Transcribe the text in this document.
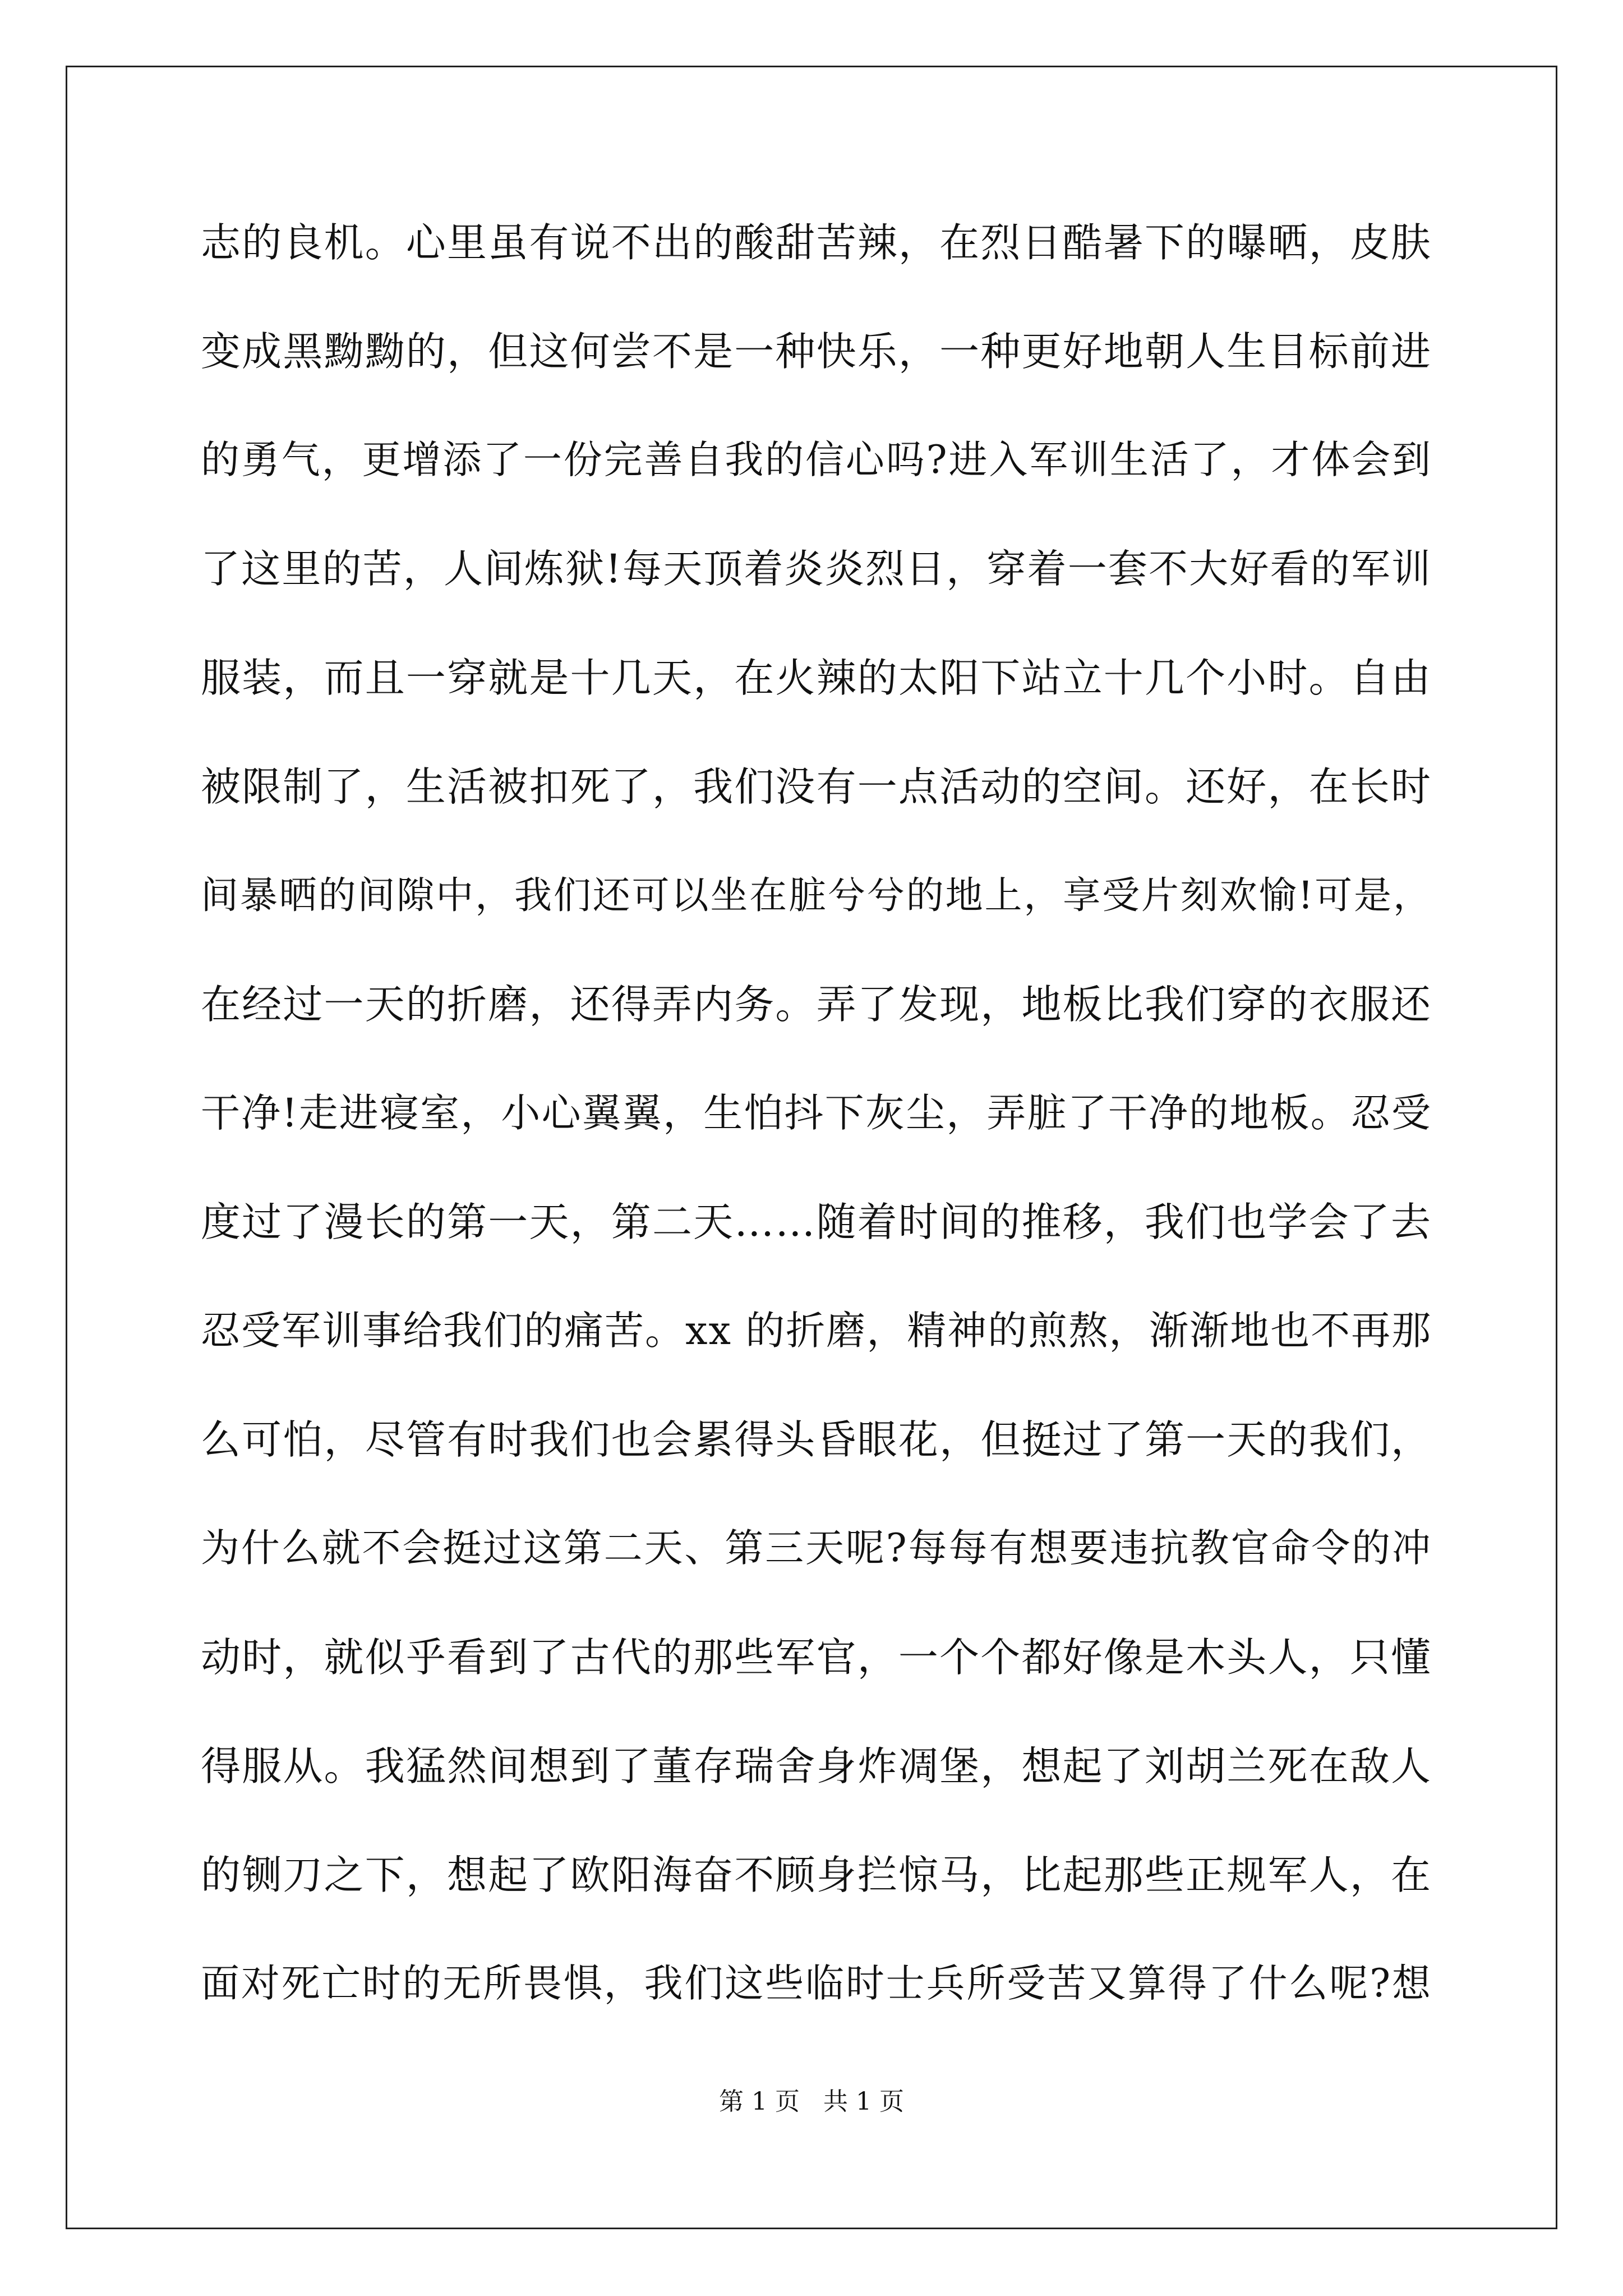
志的良机。心里虽有说不出的酸甜苦辣，在烈日酷暑下的曝晒，皮肤
变成黑黝黝的，但这何尝不是一种快乐，一种更好地朝人生目标前进
的勇气，更增添了一份完善自我的信心吗?进入军训生活了，才体会到
了这里的苦，人间炼狱!每天顶着炎炎烈日，穿着一套不大好看的军训
服装，而且一穿就是十几天，在火辣的太阳下站立十几个小时。自由
被限制了，生活被扣死了，我们没有一点活动的空间。还好，在长时
间暴晒的间隙中，我们还可以坐在脏兮兮的地上，享受片刻欢愉!可是，
在经过一天的折磨，还得弄内务。弄了发现，地板比我们穿的衣服还
干净!走进寝室，小心翼翼，生怕抖下灰尘，弄脏了干净的地板。忍受
度过了漫长的第一天，第二天……随着时间的推移，我们也学会了去
忍受军训事给我们的痛苦。xx 的折磨，精神的煎熬，渐渐地也不再那
么可怕，尽管有时我们也会累得头昏眼花，但挺过了第一天的我们，
为什么就不会挺过这第二天、第三天呢?每每有想要违抗教官命令的冲
动时，就似乎看到了古代的那些军官，一个个都好像是木头人，只懂
得服从。我猛然间想到了董存瑞舍身炸凋堡，想起了刘胡兰死在敌人
的铡刀之下，想起了欧阳海奋不顾身拦惊马，比起那些正规军人，在
面对死亡时的无所畏惧，我们这些临时士兵所受苦又算得了什么呢?想
第 1 页   共 1 页
